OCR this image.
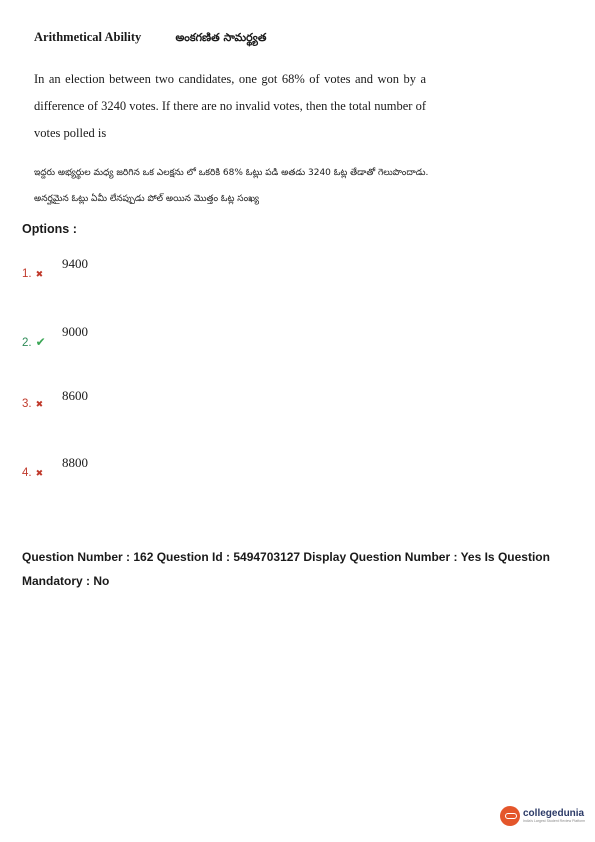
Arithmetical Ability	అంకగణిత సామర్థ్యత
In an election between two candidates, one got 68% of votes and won by a difference of 3240 votes. If there are no invalid votes, then the total number of votes polled is
ఇద్దరు అభ్యర్థుల మధ్య జరిగిన ఒక ఎలక్షను లో ఒకరికి 68% ఓట్లు పడి అతడు 3240 ఓట్ల తేడాతో గెలుపొందాడు. అనర్హమైన ఓట్లు ఏమీ లేనప్పుడు పోల్ అయిన మొత్తం ఓట్ల సంఖ్య
Options :
1. ✖
9400
2. ✔
9000
3. ✖
8600
4. ✖
8800
Question Number : 162 Question Id : 5494703127 Display Question Number : Yes Is Question Mandatory : No
collegedunia
India's Largest Student Review Platform
